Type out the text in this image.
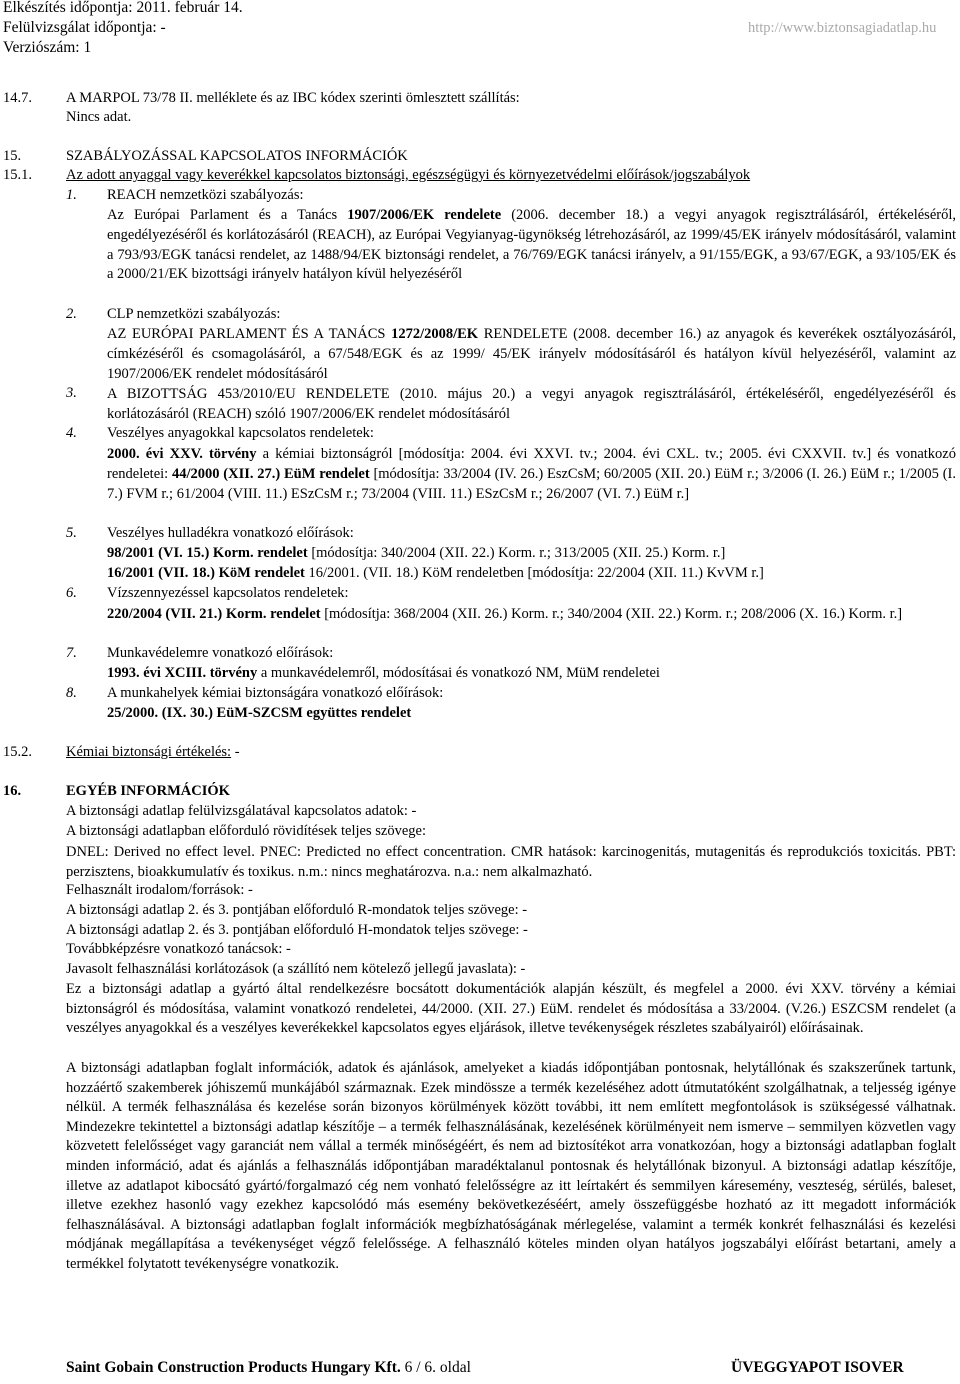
Elkészítés időpontja: 2011. február 14.
Felülvizsgálat időpontja: -
Verziószám: 1
http://www.biztonsagiadatlap.hu
14.7. A MARPOL 73/78 II. melléklete és az IBC kódex szerinti ömlesztett szállítás:
Nincs adat.
15.	SZABÁLYOZÁSSAL KAPCSOLATOS INFORMÁCIÓK
15.1. Az adott anyaggal vagy keverékkel kapcsolatos biztonsági, egészségügyi és környezetvédelmi előírások/jogszabályok
1. REACH nemzetközi szabályozás:
Az Európai Parlament és a Tanács 1907/2006/EK rendelete (2006. december 18.) a vegyi anyagok regisztrálásáról, értékeléséről, engedélyezéséről és korlátozásáról (REACH), az Európai Vegyianyag-ügynökség létrehozásáról, az 1999/45/EK irányelv módosításáról, valamint a 793/93/EGK tanácsi rendelet, az 1488/94/EK biztonsági rendelet, a 76/769/EGK tanácsi irányelv, a 91/155/EGK, a 93/67/EGK, a 93/105/EK és a 2000/21/EK bizottsági irányelv hatályon kívül helyezéséről
2. CLP nemzetközi szabályozás:
AZ EURÓPAI PARLAMENT ÉS A TANÁCS 1272/2008/EK RENDELETE (2008. december 16.) az anyagok és keverékek osztályozásáról, címkézéséről és csomagolásáról, a 67/548/EGK és az 1999/ 45/EK irányelv módosításáról és hatályon kívül helyezéséről, valamint az 1907/2006/EK rendelet módosításáról
3. A BIZOTTSÁG 453/2010/EU RENDELETE (2010. május 20.) a vegyi anyagok regisztrálásáról, értékeléséről, engedélyezéséről és korlátozásáról (REACH) szóló 1907/2006/EK rendelet módosításáról
4. Veszélyes anyagokkal kapcsolatos rendeletek:
2000. évi XXV. törvény a kémiai biztonságról [módosítja: 2004. évi XXVI. tv.; 2004. évi CXL. tv.; 2005. évi CXXVII. tv.] és vonatkozó rendeletei: 44/2000 (XII. 27.) EüM rendelet [módosítja: 33/2004 (IV. 26.) EszCsM; 60/2005 (XII. 20.) EüM r.; 3/2006 (I. 26.) EüM r.; 1/2005 (I. 7.) FVM r.; 61/2004 (VIII. 11.) ESzCsM r.; 73/2004 (VIII. 11.) ESzCsM r.; 26/2007 (VI. 7.) EüM r.]
5. Veszélyes hulladékra vonatkozó előírások:
98/2001 (VI. 15.) Korm. rendelet [módosítja: 340/2004 (XII. 22.) Korm. r.; 313/2005 (XII. 25.) Korm. r.]
16/2001 (VII. 18.) KöM rendelet 16/2001. (VII. 18.) KöM rendeletben [módosítja: 22/2004 (XII. 11.) KvVM r.]
6. Vízszennyezéssel kapcsolatos rendeletek:
220/2004 (VII. 21.) Korm. rendelet [módosítja: 368/2004 (XII. 26.) Korm. r.; 340/2004 (XII. 22.) Korm. r.; 208/2006 (X. 16.) Korm. r.]
7. Munkavédelemre vonatkozó előírások:
1993. évi XCIII. törvény a munkavédelemről, módosításai és vonatkozó NM, MüM rendeletei
8. A munkahelyek kémiai biztonságára vonatkozó előírások:
25/2000. (IX. 30.) EüM-SZCSM együttes rendelet
15.2. Kémiai biztonsági értékelés: -
16.	EGYÉB INFORMÁCIÓK
A biztonsági adatlap felülvizsgálatával kapcsolatos adatok: -
A biztonsági adatlapban előforduló rövidítések teljes szövege:
DNEL: Derived no effect level. PNEC: Predicted no effect concentration. CMR hatások: karcinogenitás, mutagenitás és reprodukciós toxicitás. PBT: perzisztens, bioakkumulatív és toxikus. n.m.: nincs meghatározva. n.a.: nem alkalmazható.
Felhasznált irodalom/források: -
A biztonsági adatlap 2. és 3. pontjában előforduló R-mondatok teljes szövege: -
A biztonsági adatlap 2. és 3. pontjában előforduló H-mondatok teljes szövege: -
Továbbképzésre vonatkozó tanácsok: -
Javasolt felhasználási korlátozások (a szállító nem kötelező jellegű javaslata): -
Ez a biztonsági adatlap a gyártó által rendelkezésre bocsátott dokumentációk alapján készült, és megfelel a 2000. évi XXV. törvény a kémiai biztonságról és módosítása, valamint vonatkozó rendeletei, 44/2000. (XII. 27.) EüM. rendelet és módosítása a 33/2004. (V.26.) ESZCSM rendelet (a veszélyes anyagokkal és a veszélyes keverékekkel kapcsolatos egyes eljárások, illetve tevékenységek részletes szabályairól) előírásainak.
A biztonsági adatlapban foglalt információk, adatok és ajánlások, amelyeket a kiadás időpontjában pontosnak, helytállónak és szakszerűnek tartunk, hozzáértő szakemberek jóhiszemű munkájából származnak. Ezek mindössze a termék kezeléséhez adott útmutatóként szolgálhatnak, a teljesség igénye nélkül. A termék felhasználása és kezelése során bizonyos körülmények között további, itt nem említett megfontolások is szükségessé válhatnak. Mindezekre tekintettel a biztonsági adatlap készítője – a termék felhasználásának, kezelésének körülményeit nem ismerve – semmilyen közvetlen vagy közvetett felelősséget vagy garanciát nem vállal a termék minőségéért, és nem ad biztosítékot arra vonatkozóan, hogy a biztonsági adatlapban foglalt minden információ, adat és ajánlás a felhasználás időpontjában maradéktalanul pontosnak és helytállónak bizonyul. A biztonsági adatlap készítője, illetve az adatlapot kibocsátó gyártó/forgalmazó cég nem vonható felelősségre az itt leírtakért és semmilyen káresemény, veszteség, sérülés, baleset, illetve ezekhez hasonló vagy ezekhez kapcsolódó más esemény bekövetkezéséért, amely összefüggésbe hozható az itt megadott információk felhasználásával. A biztonsági adatlapban foglalt információk megbízhatóságának mérlegelése, valamint a termék konkrét felhasználási és kezelési módjának megállapítása a tevékenységet végző felelőssége. A felhasználó köteles minden olyan hatályos jogszabályi előírást betartani, amely a termékkel folytatott tevékenységre vonatkozik.
Saint Gobain Construction Products Hungary Kft. 6 / 6. oldal	ÜVEGGYAPOT ISOVER
